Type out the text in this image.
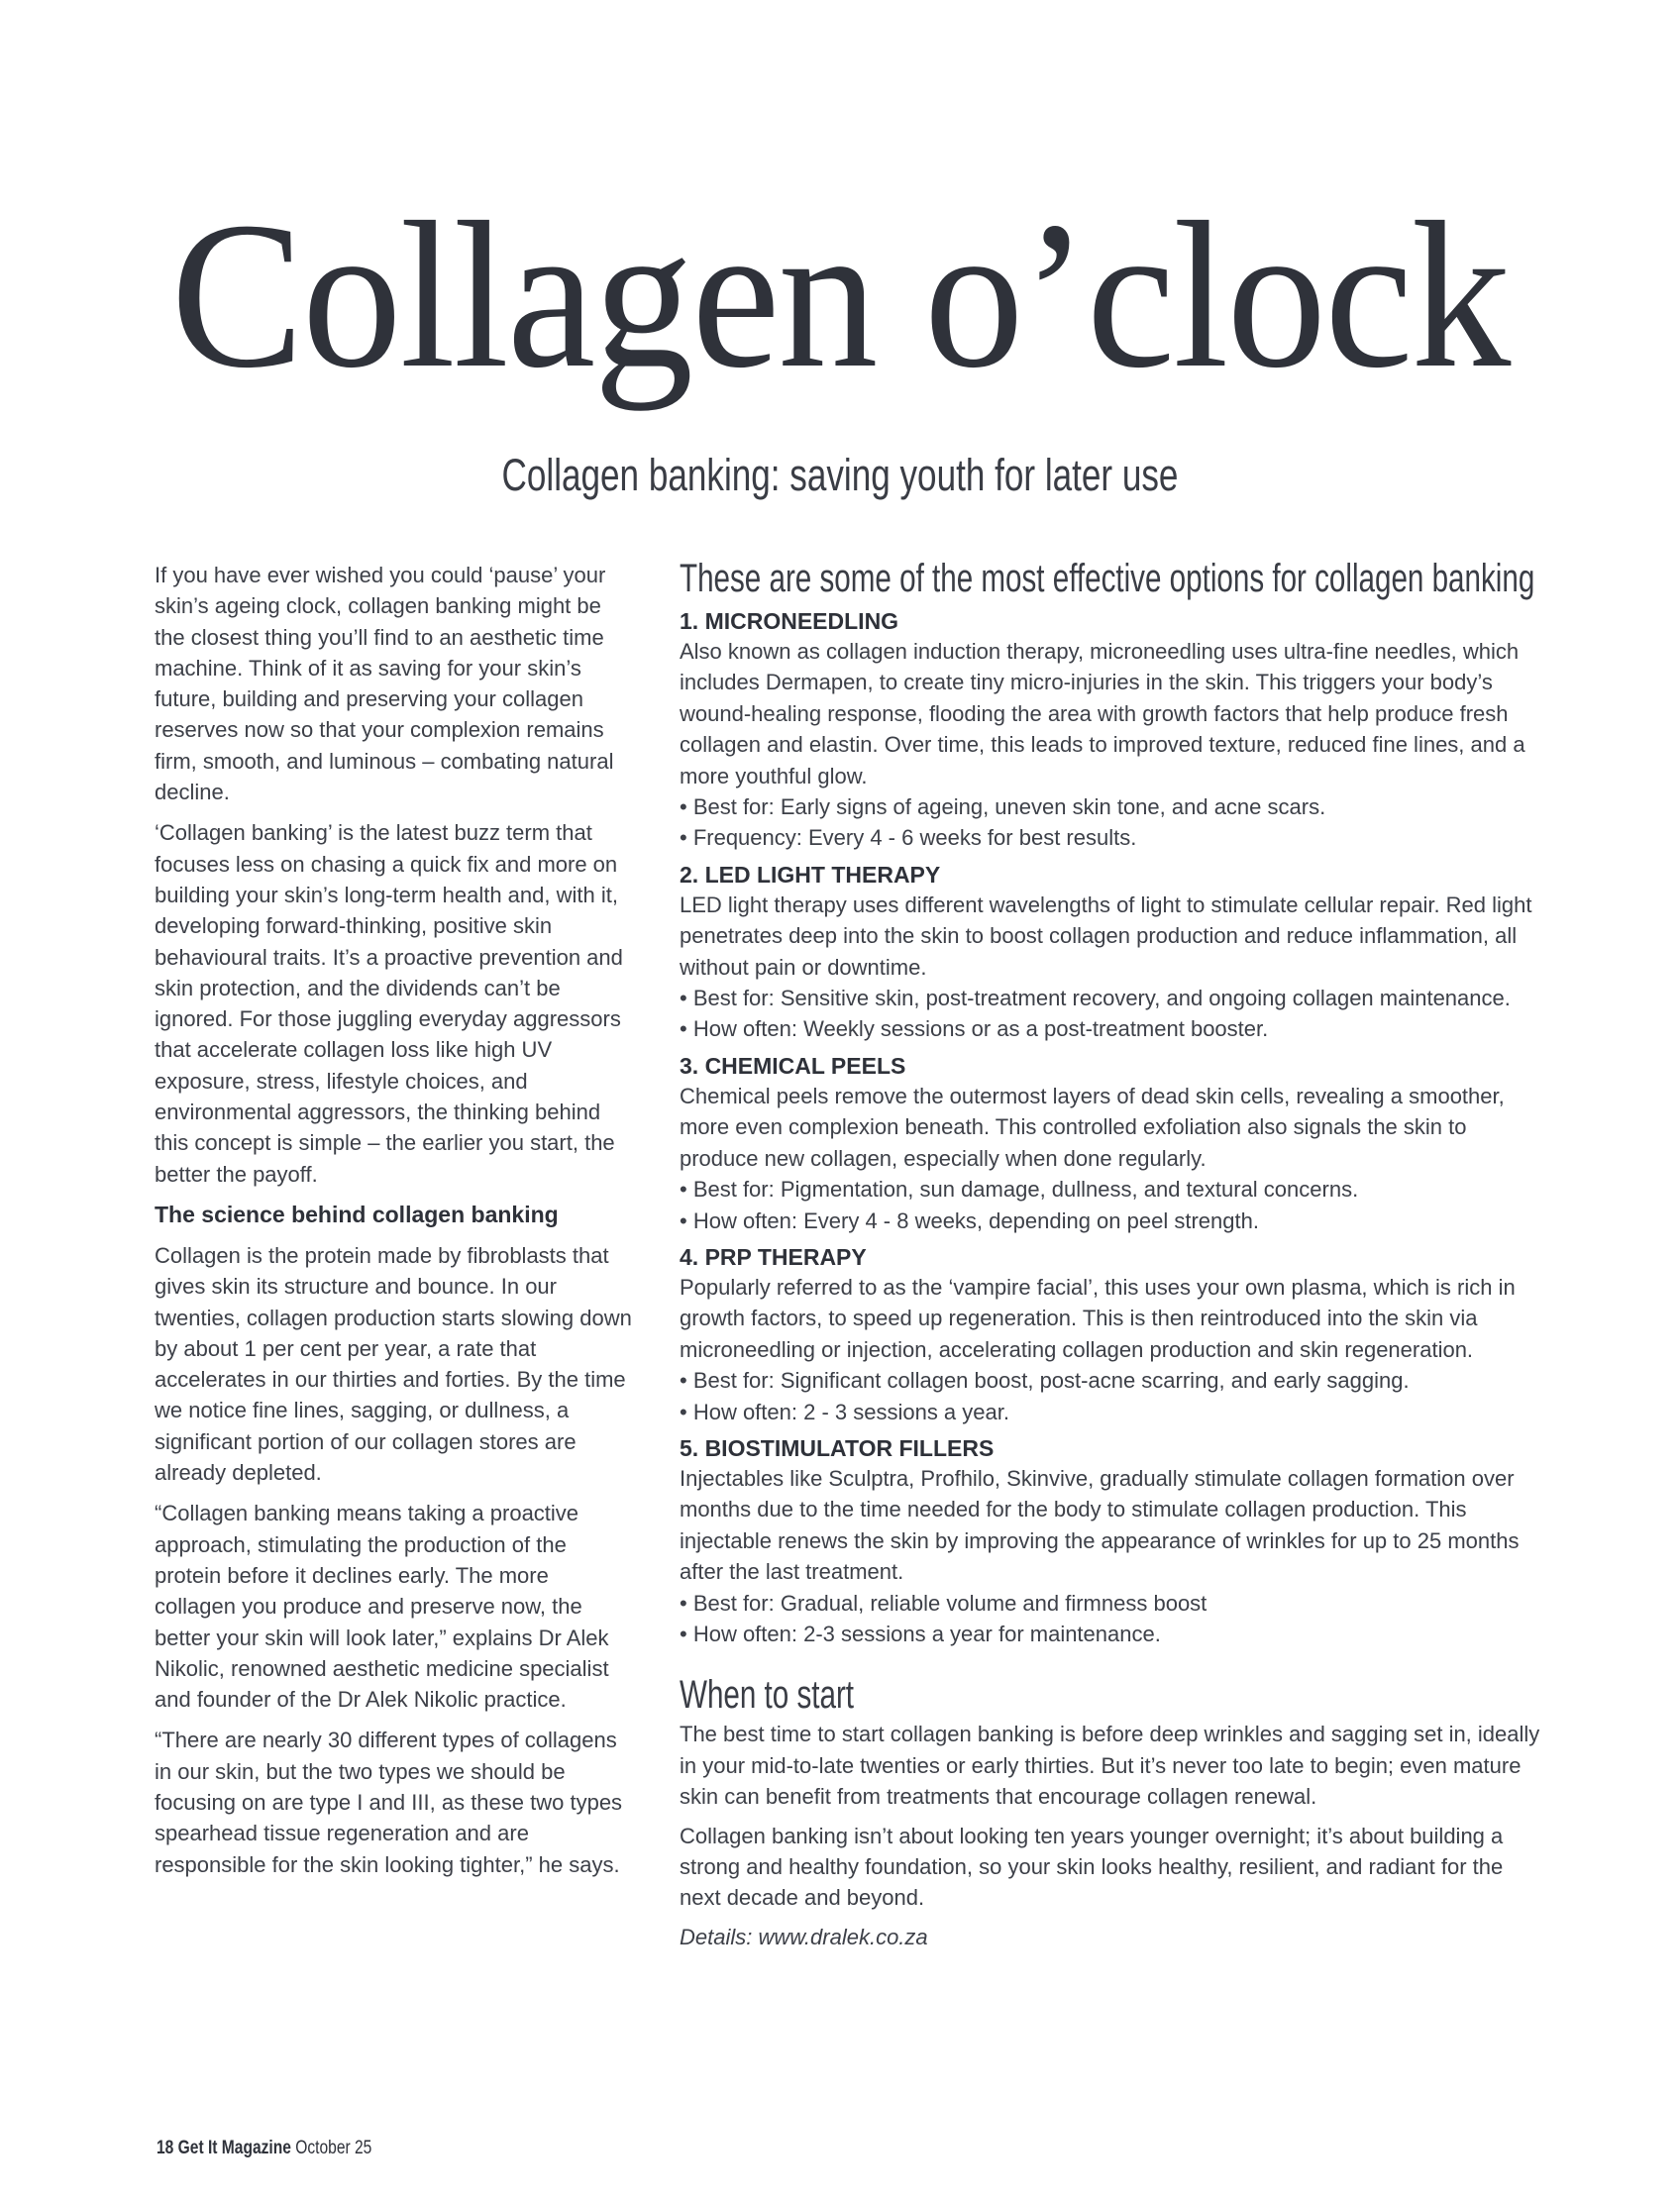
Collagen o’clock
Collagen banking: saving youth for later use

If you have ever wished you could ‘pause’ your skin’s ageing clock, collagen banking might be the closest thing you’ll find to an aesthetic time machine. Think of it as saving for your skin’s future, building and preserving your collagen reserves now so that your complexion remains firm, smooth, and luminous – combating natural decline.

‘Collagen banking’ is the latest buzz term that focuses less on chasing a quick fix and more on building your skin’s long-term health and, with it, developing forward-thinking, positive skin behavioural traits. It’s a proactive prevention and skin protection, and the dividends can’t be ignored. For those juggling everyday aggressors that accelerate collagen loss like high UV exposure, stress, lifestyle choices, and environmental aggressors, the thinking behind this concept is simple – the earlier you start, the better the payoff.

The science behind collagen banking

Collagen is the protein made by fibroblasts that gives skin its structure and bounce. In our twenties, collagen production starts slowing down by about 1 per cent per year, a rate that accelerates in our thirties and forties. By the time we notice fine lines, sagging, or dullness, a significant portion of our collagen stores are already depleted.

“Collagen banking means taking a proactive approach, stimulating the production of the protein before it declines early. The more collagen you produce and preserve now, the better your skin will look later,” explains Dr Alek Nikolic, renowned aesthetic medicine specialist and founder of the Dr Alek Nikolic practice.

“There are nearly 30 different types of collagens in our skin, but the two types we should be focusing on are type I and III, as these two types spearhead tissue regeneration and are responsible for the skin looking tighter,” he says.

These are some of the most effective options for collagen banking
1. MICRONEEDLING

Also known as collagen induction therapy, microneedling uses ultra-fine needles, which includes Dermapen, to create tiny micro-injuries in the skin. This triggers your body’s wound-healing response, flooding the area with growth factors that help produce fresh collagen and elastin. Over time, this leads to improved texture, reduced fine lines, and a more youthful glow.

• Best for: Early signs of ageing, uneven skin tone, and acne scars.
• Frequency: Every 4 - 6 weeks for best results.
2. LED LIGHT THERAPY

LED light therapy uses different wavelengths of light to stimulate cellular repair. Red light penetrates deep into the skin to boost collagen production and reduce inflammation, all without pain or downtime.

• Best for: Sensitive skin, post-treatment recovery, and ongoing collagen maintenance.
• How often: Weekly sessions or as a post-treatment booster.
3. CHEMICAL PEELS

Chemical peels remove the outermost layers of dead skin cells, revealing a smoother, more even complexion beneath. This controlled exfoliation also signals the skin to produce new collagen, especially when done regularly.

• Best for: Pigmentation, sun damage, dullness, and textural concerns.
• How often: Every 4 - 8 weeks, depending on peel strength.
4. PRP THERAPY

Popularly referred to as the ‘vampire facial’, this uses your own plasma, which is rich in growth factors, to speed up regeneration. This is then reintroduced into the skin via microneedling or injection, accelerating collagen production and skin regeneration.

• Best for: Significant collagen boost, post-acne scarring, and early sagging.
• How often: 2 - 3 sessions a year.
5. BIOSTIMULATOR FILLERS

Injectables like Sculptra, Profhilo, Skinvive, gradually stimulate collagen formation over months due to the time needed for the body to stimulate collagen production. This injectable renews the skin by improving the appearance of wrinkles for up to 25 months after the last treatment.

• Best for: Gradual, reliable volume and firmness boost
• How often: 2-3 sessions a year for maintenance.
When to start

The best time to start collagen banking is before deep wrinkles and sagging set in, ideally in your mid-to-late twenties or early thirties. But it’s never too late to begin; even mature skin can benefit from treatments that encourage collagen renewal.

Collagen banking isn’t about looking ten years younger overnight; it’s about building a strong and healthy foundation, so your skin looks healthy, resilient, and radiant for the next decade and beyond.

Details: www.dralek.co.za

18 Get It Magazine October 25
